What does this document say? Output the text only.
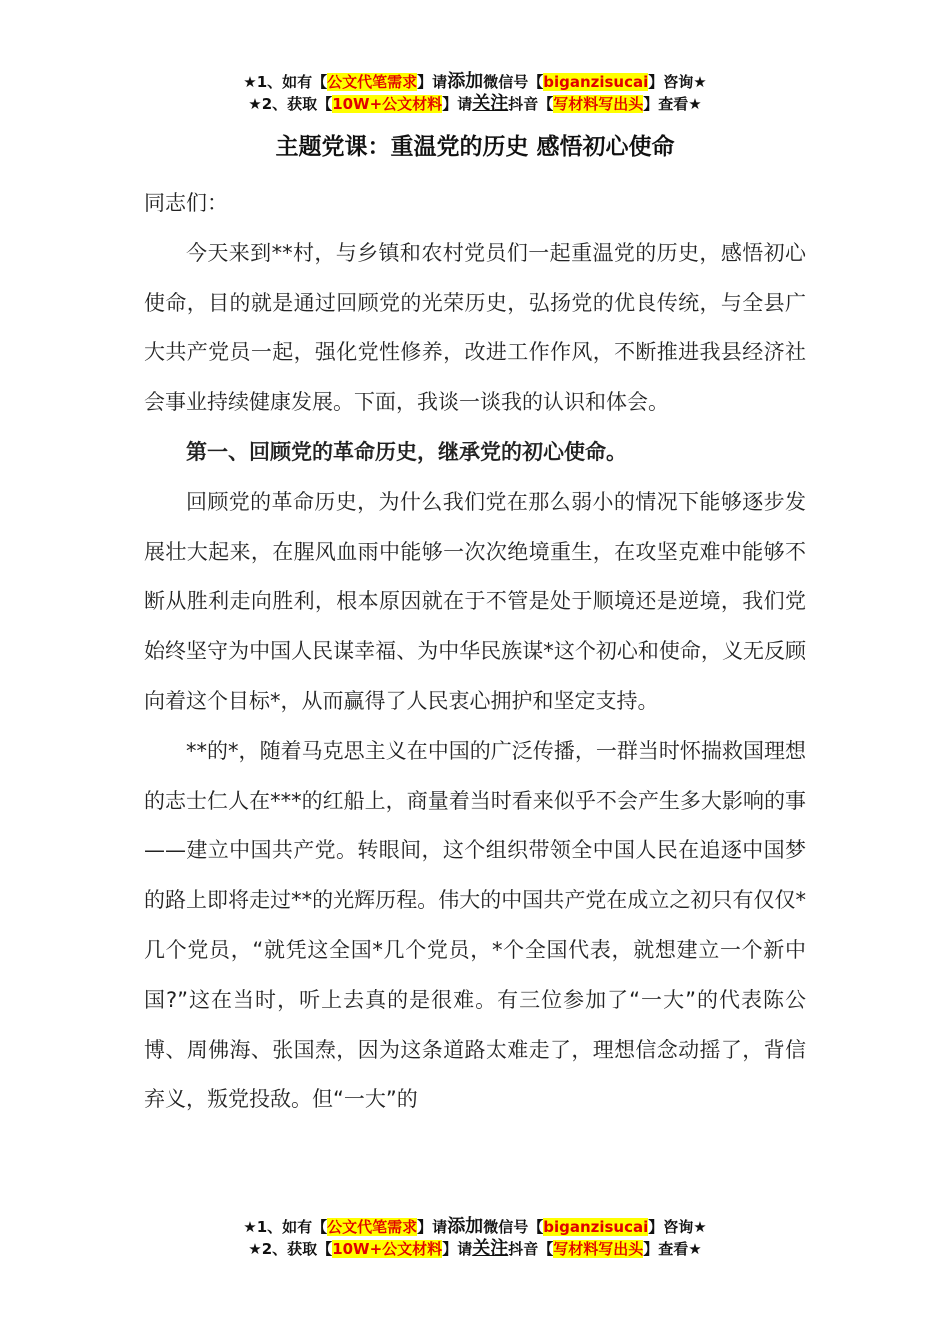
★1、如有【公文代笔需求】请添加微信号【biganzisucai】咨询★
★2、获取【10W+公文材料】请关注抖音【写材料写出头】查看★
主题党课：重温党的历史 感悟初心使命

同志们：

今天来到**村，与乡镇和农村党员们一起重温党的历史，感悟初心使命，目的就是通过回顾党的光荣历史，弘扬党的优良传统，与全县广大共产党员一起，强化党性修养，改进工作作风，不断推进我县经济社会事业持续健康发展。下面，我谈一谈我的认识和体会。

第一、回顾党的革命历史，继承党的初心使命。

回顾党的革命历史，为什么我们党在那么弱小的情况下能够逐步发展壮大起来，在腥风血雨中能够一次次绝境重生，在攻坚克难中能够不断从胜利走向胜利，根本原因就在于不管是处于顺境还是逆境，我们党始终坚守为中国人民谋幸福、为中华民族谋*这个初心和使命，义无反顾向着这个目标*，从而赢得了人民衷心拥护和坚定支持。

**的*，随着马克思主义在中国的广泛传播，一群当时怀揣救国理想的志士仁人在***的红船上，商量着当时看来似乎不会产生多大影响的事——建立中国共产党。转眼间，这个组织带领全中国人民在追逐中国梦的路上即将走过**的光辉历程。伟大的中国共产党在成立之初只有仅仅*几个党员，“就凭这全国*几个党员，*个全国代表，就想建立一个新中国?”这在当时，听上去真的是很难。有三位参加了“一大”的代表陈公博、周佛海、张国焘，因为这条道路太难走了，理想信念动摇了，背信弃义，叛党投敌。但“一大”的

★1、如有【公文代笔需求】请添加微信号【biganzisucai】咨询★
★2、获取【10W+公文材料】请关注抖音【写材料写出头】查看★
